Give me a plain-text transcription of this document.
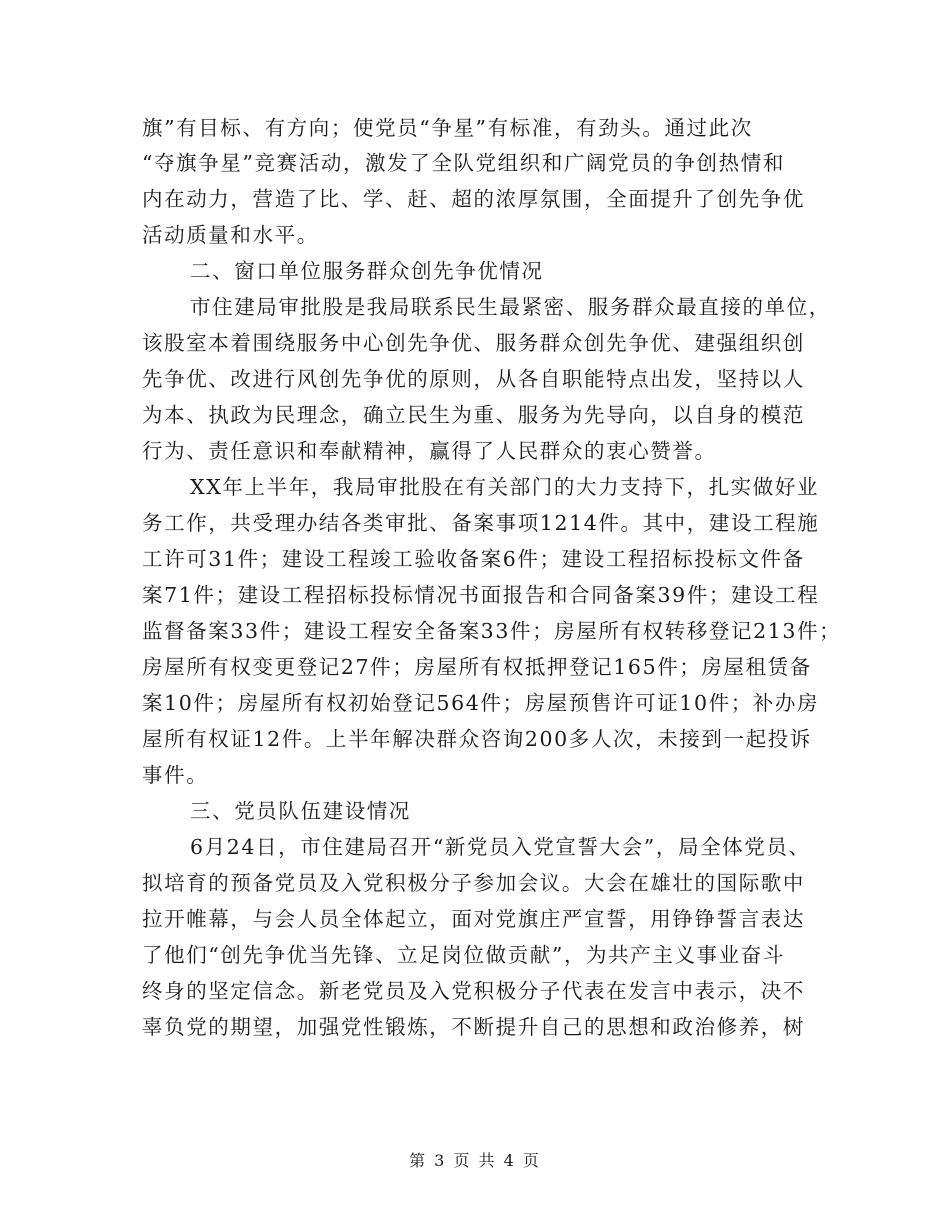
旗”有目标、有方向；使党员“争星”有标准，有劲头。通过此次
“夺旗争星”竞赛活动，激发了全队党组织和广阔党员的争创热情和
内在动力，营造了比、学、赶、超的浓厚氛围，全面提升了创先争优
活动质量和水平。
二、窗口单位服务群众创先争优情况
市住建局审批股是我局联系民生最紧密、服务群众最直接的单位，
该股室本着围绕服务中心创先争优、服务群众创先争优、建强组织创
先争优、改进行风创先争优的原则，从各自职能特点出发，坚持以人
为本、执政为民理念，确立民生为重、服务为先导向，以自身的模范
行为、责任意识和奉献精神，赢得了人民群众的衷心赞誉。
XX年上半年，我局审批股在有关部门的大力支持下，扎实做好业
务工作，共受理办结各类审批、备案事项1214件。其中，建设工程施
工许可31件；建设工程竣工验收备案6件；建设工程招标投标文件备
案71件；建设工程招标投标情况书面报告和合同备案39件；建设工程
监督备案33件；建设工程安全备案33件；房屋所有权转移登记213件；
房屋所有权变更登记27件；房屋所有权抵押登记165件；房屋租赁备
案10件；房屋所有权初始登记564件；房屋预售许可证10件；补办房
屋所有权证12件。上半年解决群众咨询200多人次，未接到一起投诉
事件。
三、党员队伍建设情况
6月24日，市住建局召开“新党员入党宣誓大会”，局全体党员、
拟培育的预备党员及入党积极分子参加会议。大会在雄壮的国际歌中
拉开帷幕，与会人员全体起立，面对党旗庄严宣誓，用铮铮誓言表达
了他们“创先争优当先锋、立足岗位做贡献”，为共产主义事业奋斗
终身的坚定信念。新老党员及入党积极分子代表在发言中表示，决不
辜负党的期望，加强党性锻炼，不断提升自己的思想和政治修养，树
第 3 页 共 4 页
